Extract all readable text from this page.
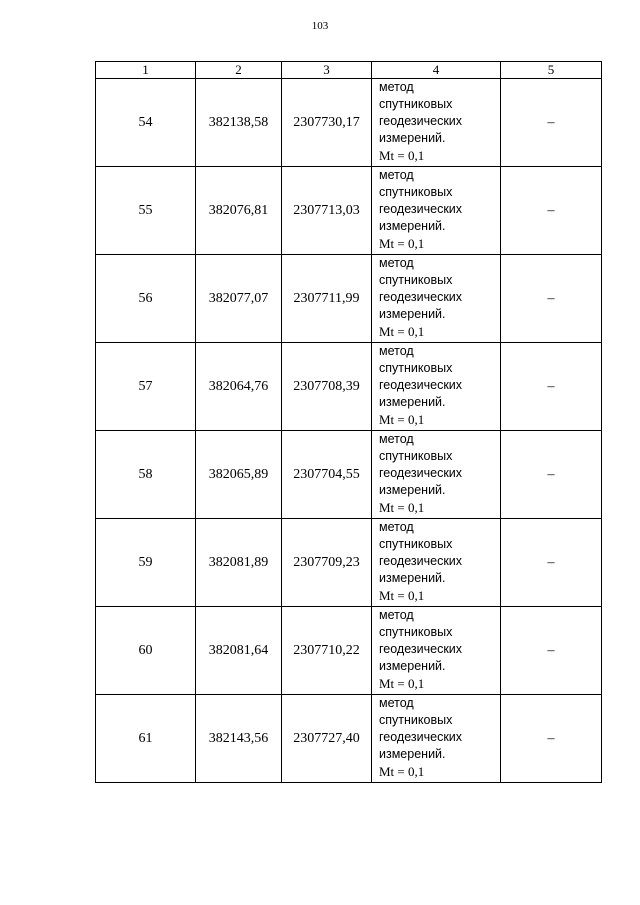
103
1	2	3	4	5
54	382138,58	2307730,17	метод
спутниковых
геодезических
измерений.
Mt = 0,1	–
55	382076,81	2307713,03	метод
спутниковых
геодезических
измерений.
Mt = 0,1	–
56	382077,07	2307711,99	метод
спутниковых
геодезических
измерений.
Mt = 0,1	–
57	382064,76	2307708,39	метод
спутниковых
геодезических
измерений.
Mt = 0,1	–
58	382065,89	2307704,55	метод
спутниковых
геодезических
измерений.
Mt = 0,1	–
59	382081,89	2307709,23	метод
спутниковых
геодезических
измерений.
Mt = 0,1	–
60	382081,64	2307710,22	метод
спутниковых
геодезических
измерений.
Mt = 0,1	–
61	382143,56	2307727,40	метод
спутниковых
геодезических
измерений.
Mt = 0,1	–
